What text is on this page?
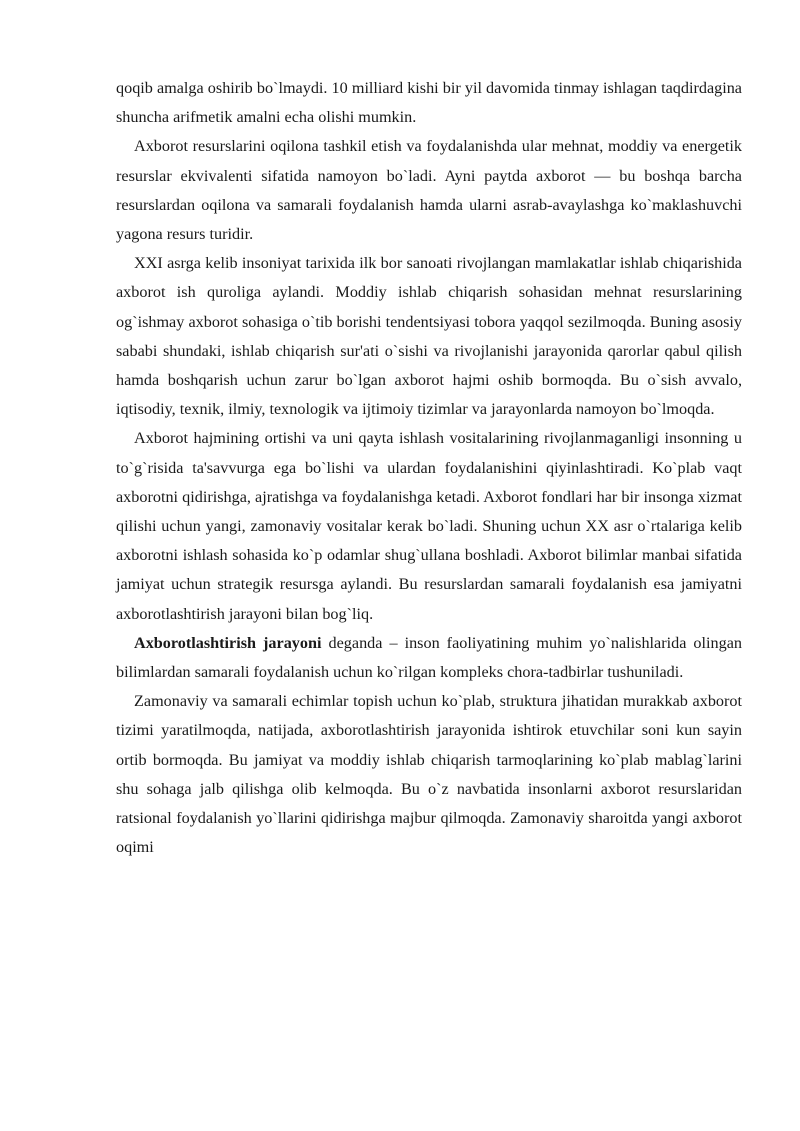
qoqib amalga oshirib bo`lmaydi. 10 milliard kishi bir yil davomida tinmay ishlagan taqdirdagina shuncha arifmetik amalni echa olishi mumkin.

Axborot resurslarini oqilona tashkil etish va foydalanishda ular mehnat, moddiy va energetik resurslar ekvivalenti sifatida namoyon bo`ladi. Ayni paytda axborot — bu boshqa barcha resurslardan oqilona va samarali foydalanish hamda ularni asrab-avaylashga ko`maklashuvchi yagona resurs turidir.

XXI asrga kelib insoniyat tarixida ilk bor sanoati rivojlangan mamlakatlar ishlab chiqarishida axborot ish quroliga aylandi. Moddiy ishlab chiqarish sohasidan mehnat resurslarining og`ishmay axborot sohasiga o`tib borishi tendentsiyasi tobora yaqqol sezilmoqda. Buning asosiy sababi shundaki, ishlab chiqarish sur'ati o`sishi va rivojlanishi jarayonida qarorlar qabul qilish hamda boshqarish uchun zarur bo`lgan axborot hajmi oshib bormoqda. Bu o`sish avvalo, iqtisodiy, texnik, ilmiy, texnologik va ijtimoiy tizimlar va jarayonlarda namoyon bo`lmoqda.

Axborot hajmining ortishi va uni qayta ishlash vositalarining rivojlanmaganligi insonning u to`g`risida ta'savvurga ega bo`lishi va ulardan foydalanishini qiyinlashtiradi. Ko`plab vaqt axborotni qidirishga, ajratishga va foydalanishga ketadi. Axborot fondlari har bir insonga xizmat qilishi uchun yangi, zamonaviy vositalar kerak bo`ladi. Shuning uchun XX asr o`rtalariga kelib axborotni ishlash sohasida ko`p odamlar shug`ullana boshladi. Axborot bilimlar manbai sifatida jamiyat uchun strategik resursga aylandi. Bu resurslardan samarali foydalanish esa jamiyatni axborotlashtirish jarayoni bilan bog`liq.

Axborotlashtirish jarayoni deganda – inson faoliyatining muhim yo`nalishlarida olingan bilimlardan samarali foydalanish uchun ko`rilgan kompleks chora-tadbirlar tushuniladi.

Zamonaviy va samarali echimlar topish uchun ko`plab, struktura jihatidan murakkab axborot tizimi yaratilmoqda, natijada, axborotlashtirish jarayonida ishtirok etuvchilar soni kun sayin ortib bormoqda. Bu jamiyat va moddiy ishlab chiqarish tarmoqlarining ko`plab mablag`larini shu sohaga jalb qilishga olib kelmoqda. Bu o`z navbatida insonlarni axborot resurslaridan ratsional foydalanish yo`llarini qidirishga majbur qilmoqda. Zamonaviy sharoitda yangi axborot oqimi
